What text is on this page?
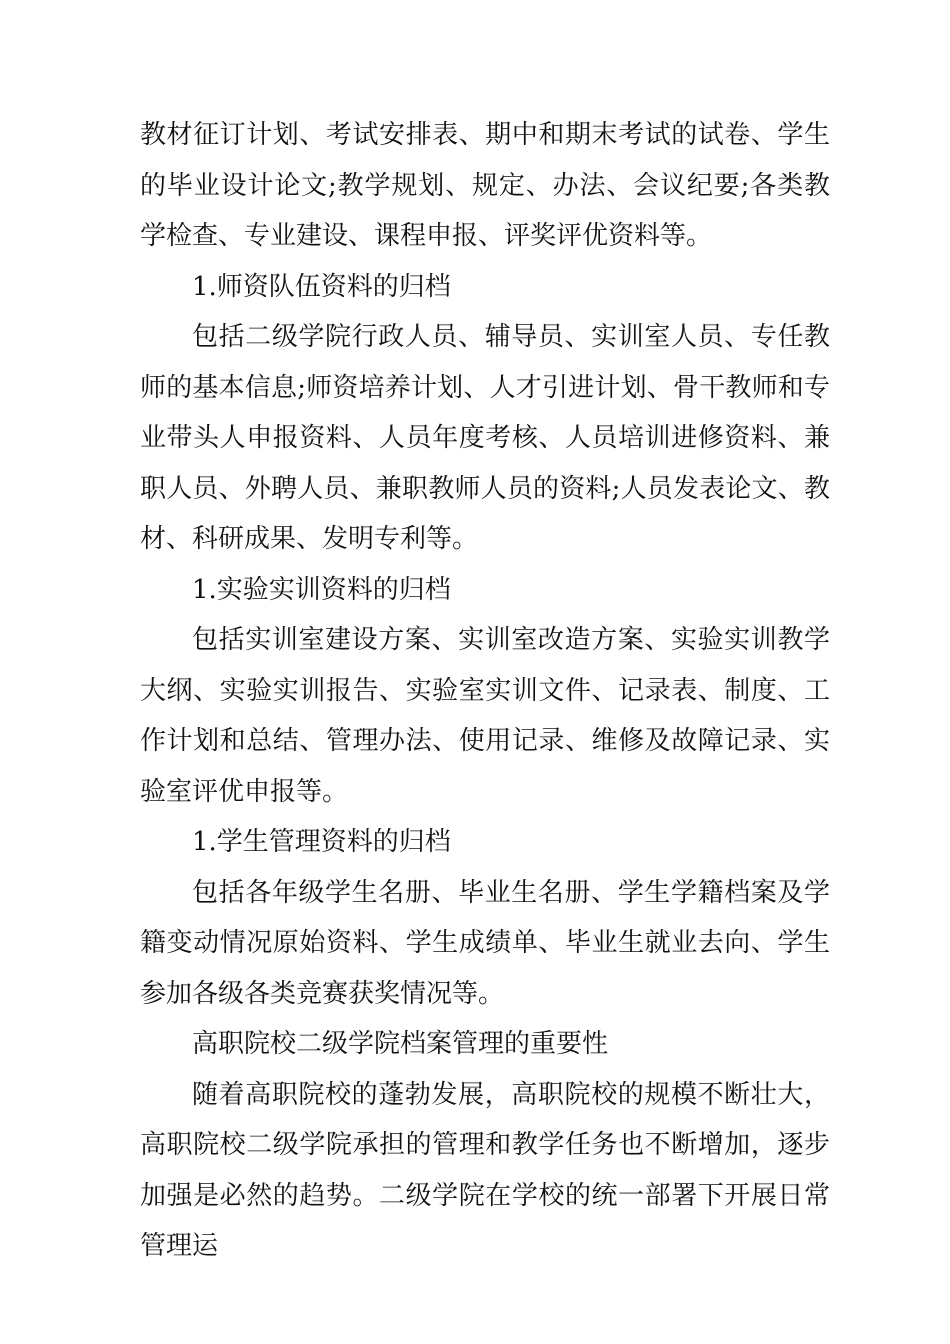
教材征订计划、考试安排表、期中和期末考试的试卷、学生的毕业设计论文;教学规划、规定、办法、会议纪要;各类教学检查、专业建设、课程申报、评奖评优资料等。

1.师资队伍资料的归档

包括二级学院行政人员、辅导员、实训室人员、专任教师的基本信息;师资培养计划、人才引进计划、骨干教师和专业带头人申报资料、人员年度考核、人员培训进修资料、兼职人员、外聘人员、兼职教师人员的资料;人员发表论文、教材、科研成果、发明专利等。

1.实验实训资料的归档

包括实训室建设方案、实训室改造方案、实验实训教学大纲、实验实训报告、实验室实训文件、记录表、制度、工作计划和总结、管理办法、使用记录、维修及故障记录、实验室评优申报等。

1.学生管理资料的归档

包括各年级学生名册、毕业生名册、学生学籍档案及学籍变动情况原始资料、学生成绩单、毕业生就业去向、学生参加各级各类竞赛获奖情况等。

高职院校二级学院档案管理的重要性

随着高职院校的蓬勃发展，高职院校的规模不断壮大，高职院校二级学院承担的管理和教学任务也不断增加，逐步加强是必然的趋势。二级学院在学校的统一部署下开展日常管理运
